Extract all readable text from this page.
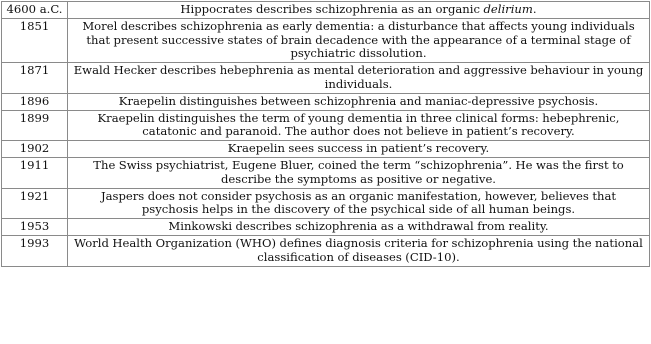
4600 a.C.	Hippocrates describes schizophrenia as an organic delirium.
1851	Morel describes schizophrenia as early dementia: a disturbance that affects young individuals that present successive states of brain decadence with the appearance of a terminal stage of psychiatric dissolution.
1871	Ewald Hecker describes hebephrenia as mental deterioration and aggressive behaviour in young individuals.
1896	Kraepelin distinguishes between schizophrenia and maniac-depressive psychosis.
1899	Kraepelin distinguishes the term of young dementia in three clinical forms: hebephrenic, catatonic and paranoid. The author does not believe in patient’s recovery.
1902	Kraepelin sees success in patient’s recovery.
1911	The Swiss psychiatrist, Eugene Bluer, coined the term “schizophrenia”. He was the first to describe the symptoms as positive or negative.
1921	Jaspers does not consider psychosis as an organic manifestation, however, believes that psychosis helps in the discovery of the psychical side of all human beings.
1953	Minkowski describes schizophrenia as a withdrawal from reality.
1993	World Health Organization (WHO) defines diagnosis criteria for schizophrenia using the national classification of diseases (CID-10).
